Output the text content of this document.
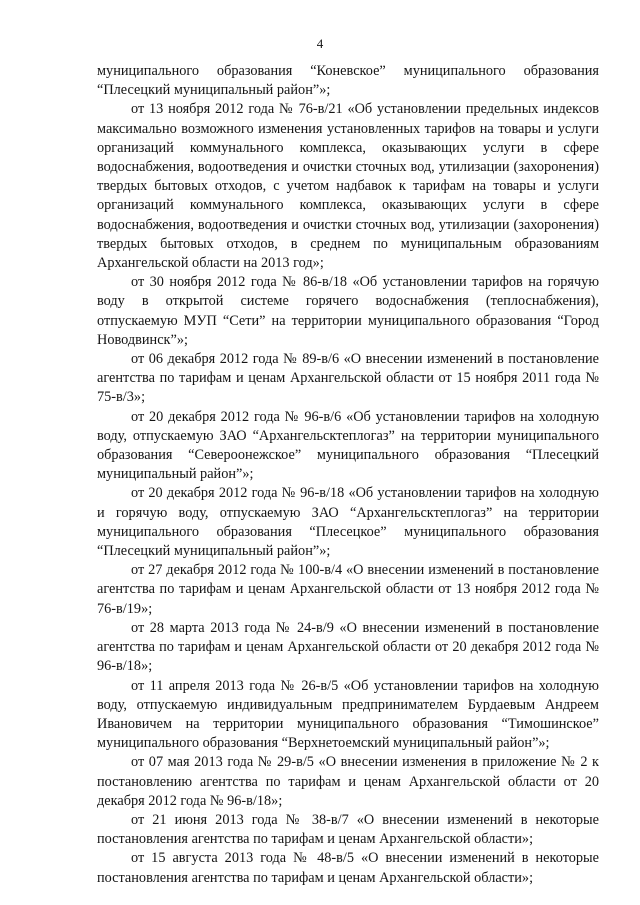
4

муниципального образования “Коневское” муниципального образования “Плесецкий муниципальный район”»;

от 13 ноября 2012 года № 76-в/21 «Об установлении предельных индексов максимально возможного изменения установленных тарифов на товары и услуги организаций коммунального комплекса, оказывающих услуги в сфере водоснабжения, водоотведения и очистки сточных вод, утилизации (захоронения) твердых бытовых отходов, с учетом надбавок к тарифам на товары и услуги организаций коммунального комплекса, оказывающих услуги в сфере водоснабжения, водоотведения и очистки сточных вод, утилизации (захоронения) твердых бытовых отходов, в среднем по муниципальным образованиям Архангельской области на 2013 год»;

от 30 ноября 2012 года № 86-в/18 «Об установлении тарифов на горячую воду в открытой системе горячего водоснабжения (теплоснабжения), отпускаемую МУП “Сети” на территории муниципального образования “Город Новодвинск”»;

от 06 декабря 2012 года № 89-в/6 «О внесении изменений в постановление агентства по тарифам и ценам Архангельской области от 15 ноября 2011 года № 75-в/3»;

от 20 декабря 2012 года № 96-в/6 «Об установлении тарифов на холодную воду, отпускаемую ЗАО “Архангельсктеплогаз” на территории муниципального образования “Североонежское” муниципального образования “Плесецкий муниципальный район”»;

от 20 декабря 2012 года № 96-в/18 «Об установлении тарифов на холодную и горячую воду, отпускаемую ЗАО “Архангельсктеплогаз” на территории муниципального образования “Плесецкое” муниципального образования “Плесецкий муниципальный район”»;

от 27 декабря 2012 года № 100-в/4 «О внесении изменений в постановление агентства по тарифам и ценам Архангельской области от 13 ноября 2012 года № 76-в/19»;

от 28 марта 2013 года № 24-в/9 «О внесении изменений в постановление агентства по тарифам и ценам Архангельской области от 20 декабря 2012 года № 96-в/18»;

от 11 апреля 2013 года № 26-в/5 «Об установлении тарифов на холодную воду, отпускаемую индивидуальным предпринимателем Бурдаевым Андреем Ивановичем на территории муниципального образования “Тимошинское” муниципального образования “Верхнетоемский муниципальный район”»;

от 07 мая 2013 года № 29-в/5 «О внесении изменения в приложение № 2 к постановлению агентства по тарифам и ценам Архангельской области от 20 декабря 2012 года № 96-в/18»;

от 21 июня 2013 года № 38-в/7 «О внесении изменений в некоторые постановления агентства по тарифам и ценам Архангельской области»;

от 15 августа 2013 года № 48-в/5 «О внесении изменений в некоторые постановления агентства по тарифам и ценам Архангельской области»;
